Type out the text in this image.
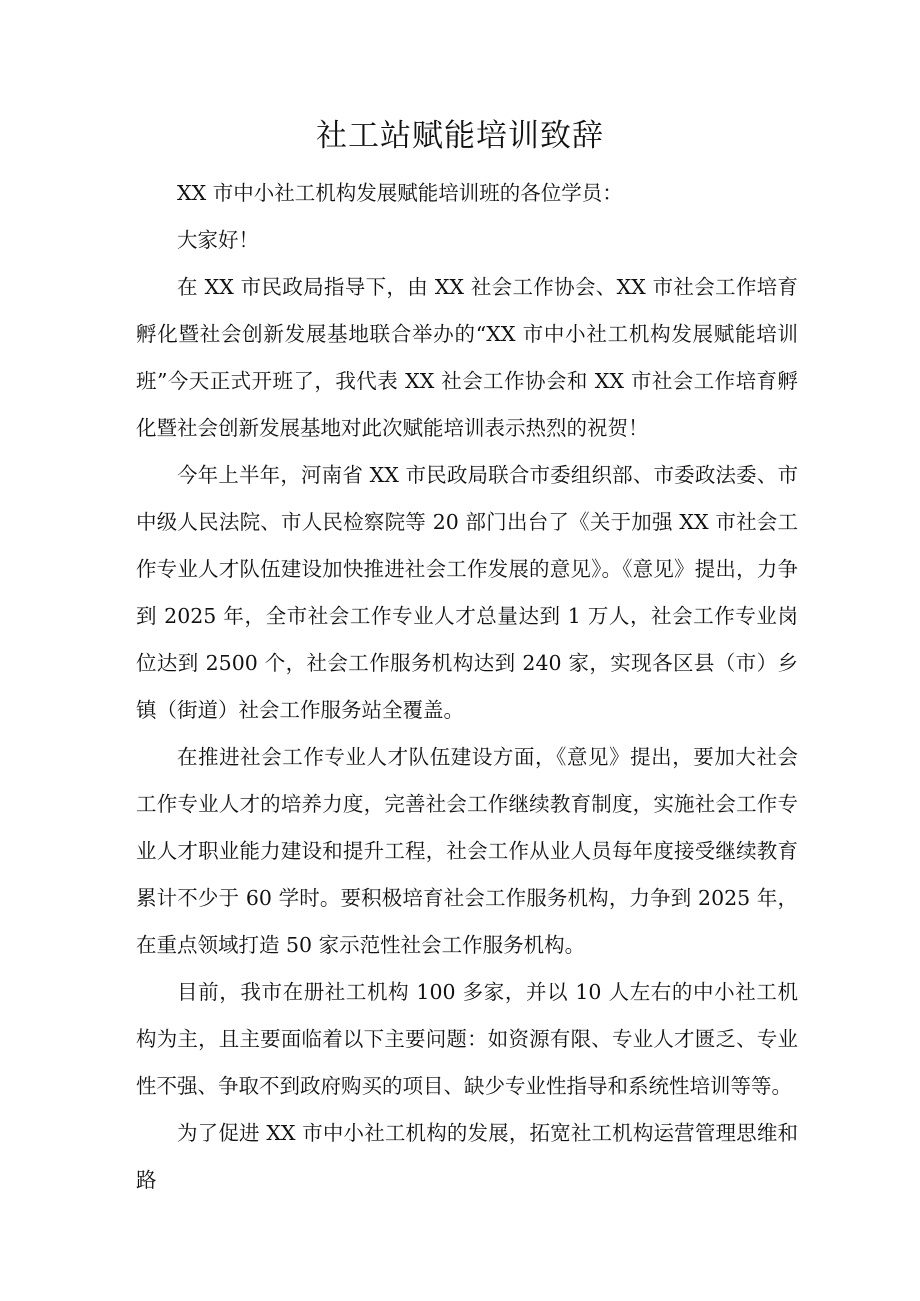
社工站赋能培训致辞

XX 市中小社工机构发展赋能培训班的各位学员：

大家好！

在 XX 市民政局指导下，由 XX 社会工作协会、XX 市社会工作培育孵化暨社会创新发展基地联合举办的“XX 市中小社工机构发展赋能培训班”今天正式开班了，我代表 XX 社会工作协会和 XX 市社会工作培育孵化暨社会创新发展基地对此次赋能培训表示热烈的祝贺！

今年上半年，河南省 XX 市民政局联合市委组织部、市委政法委、市中级人民法院、市人民检察院等 20 部门出台了《关于加强 XX 市社会工作专业人才队伍建设加快推进社会工作发展的意见》。《意见》提出，力争到 2025 年，全市社会工作专业人才总量达到 1 万人，社会工作专业岗位达到 2500 个，社会工作服务机构达到 240 家，实现各区县（市）乡镇（街道）社会工作服务站全覆盖。

在推进社会工作专业人才队伍建设方面，《意见》提出，要加大社会工作专业人才的培养力度，完善社会工作继续教育制度，实施社会工作专业人才职业能力建设和提升工程，社会工作从业人员每年度接受继续教育累计不少于 60 学时。要积极培育社会工作服务机构，力争到 2025 年，在重点领域打造 50 家示范性社会工作服务机构。

目前，我市在册社工机构 100 多家，并以 10 人左右的中小社工机构为主，且主要面临着以下主要问题：如资源有限、专业人才匮乏、专业性不强、争取不到政府购买的项目、缺少专业性指导和系统性培训等等。

为了促进 XX 市中小社工机构的发展，拓宽社工机构运营管理思维和路
